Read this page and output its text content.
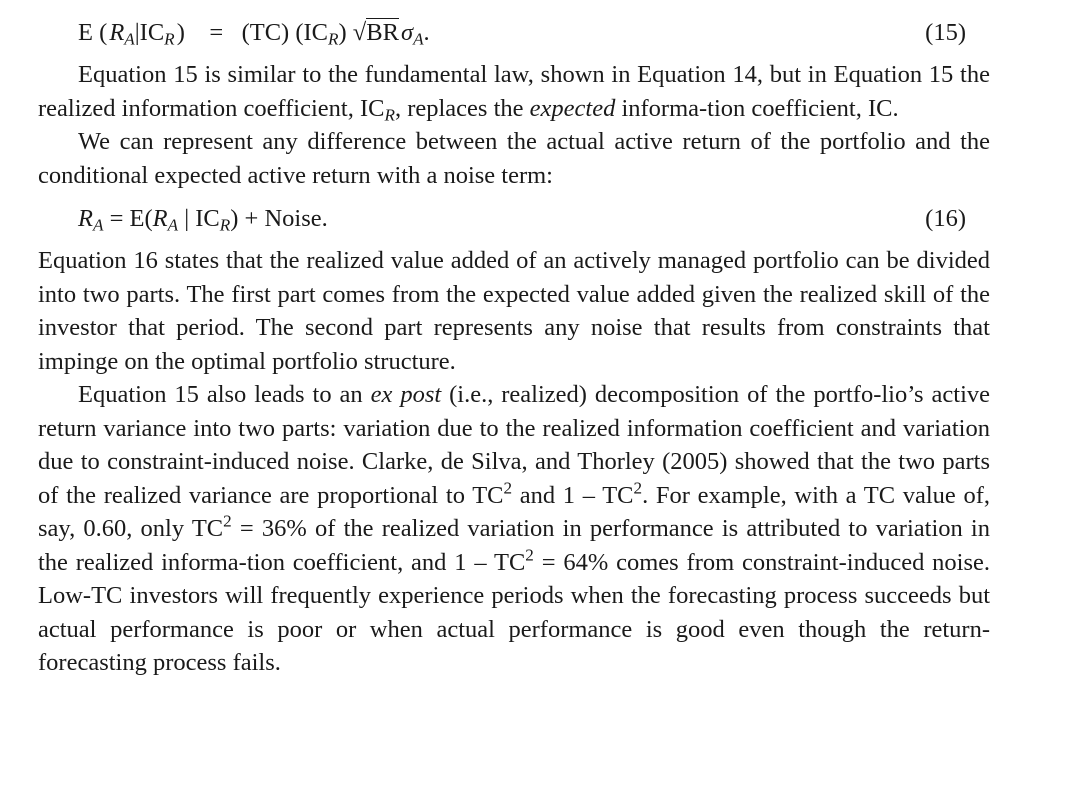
E ( $R_A|IC_R$ )    = (TC) $(IC_R)$ √BR $\sigma_A$.	(15)

Equation 15 is similar to the fundamental law, shown in Equation 14, but in Equation 15 the realized information coefficient, $IC_R$, replaces the expected informa-tion coefficient, IC.

We can represent any difference between the actual active return of the portfolio and the conditional expected active return with a noise term:

$R_A = E(R_A$ | $IC_R$) + Noise.	(16)

Equation 16 states that the realized value added of an actively managed portfolio can be divided into two parts. The first part comes from the expected value added given the realized skill of the investor that period. The second part represents any noise that results from constraints that impinge on the optimal portfolio structure.

Equation 15 also leads to an ex post (i.e., realized) decomposition of the portfo-lio’s active return variance into two parts: variation due to the realized information coefficient and variation due to constraint-induced noise. Clarke, de Silva, and Thorley (2005) showed that the two parts of the realized variance are proportional to $TC^2$ and $1 - TC^2$. For example, with a TC value of, say, 0.60, only $TC^2 = 36\%$ of the realized variation in performance is attributed to variation in the realized informa-tion coefficient, and $1 - TC^2 = 64\%$ comes from constraint-induced noise. Low-TC investors will frequently experience periods when the forecasting process succeeds but actual performance is poor or when actual performance is good even though the return-forecasting process fails.
